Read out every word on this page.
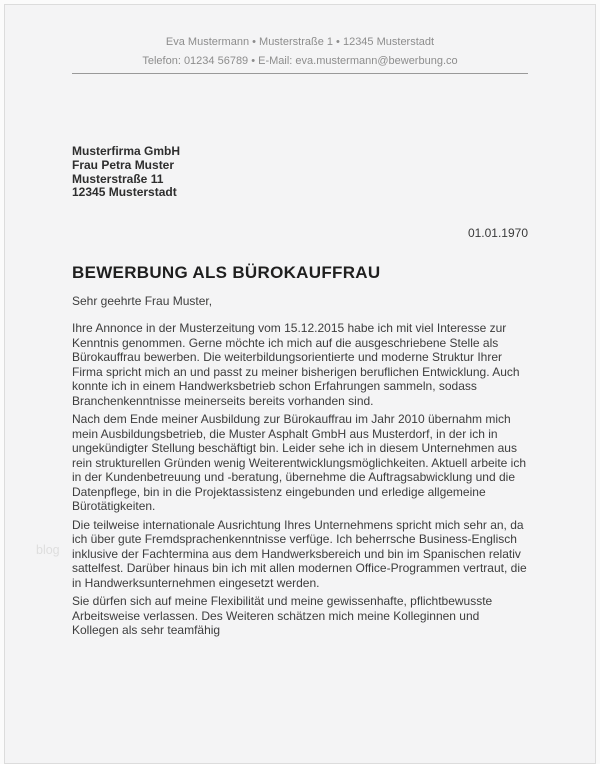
Eva Mustermann • Musterstraße 1 • 12345 Musterstadt
Telefon: 01234 56789 • E-Mail: eva.mustermann@bewerbung.co
Musterfirma GmbH
Frau Petra Muster
Musterstraße 11
12345 Musterstadt
01.01.1970
BEWERBUNG ALS BÜROKAUFFRAU

Sehr geehrte Frau Muster,

Ihre Annonce in der Musterzeitung vom 15.12.2015 habe ich mit viel Interesse zur Kenntnis genommen. Gerne möchte ich mich auf die ausgeschriebene Stelle als Bürokauffrau bewerben. Die weiterbildungsorientierte und moderne Struktur Ihrer Firma spricht mich an und passt zu meiner bisherigen beruflichen Entwicklung. Auch konnte ich in einem Handwerksbetrieb schon Erfahrungen sammeln, sodass Branchenkenntnisse meinerseits bereits vorhanden sind.

Nach dem Ende meiner Ausbildung zur Bürokauffrau im Jahr 2010 übernahm mich mein Ausbildungsbetrieb, die Muster Asphalt GmbH aus Musterdorf, in der ich in ungekündigter Stellung beschäftigt bin. Leider sehe ich in diesem Unternehmen aus rein strukturellen Gründen wenig Weiterentwicklungsmöglichkeiten. Aktuell arbeite ich in der Kundenbetreuung und -beratung, übernehme die Auftragsabwicklung und die Datenpflege, bin in die Projektassistenz eingebunden und erledige allgemeine Bürotätigkeiten.

Die teilweise internationale Ausrichtung Ihres Unternehmens spricht mich sehr an, da ich über gute Fremdsprachenkenntnisse verfüge. Ich beherrsche Business-Englisch inklusive der Fachtermina aus dem Handwerksbereich und bin im Spanischen relativ sattelfest. Darüber hinaus bin ich mit allen modernen Office-Programmen vertraut, die in Handwerksunternehmen eingesetzt werden.

Sie dürfen sich auf meine Flexibilität und meine gewissenhafte, pflichtbewusste Arbeitsweise verlassen. Des Weiteren schätzen mich meine Kolleginnen und Kollegen als sehr teamfähig

blog
